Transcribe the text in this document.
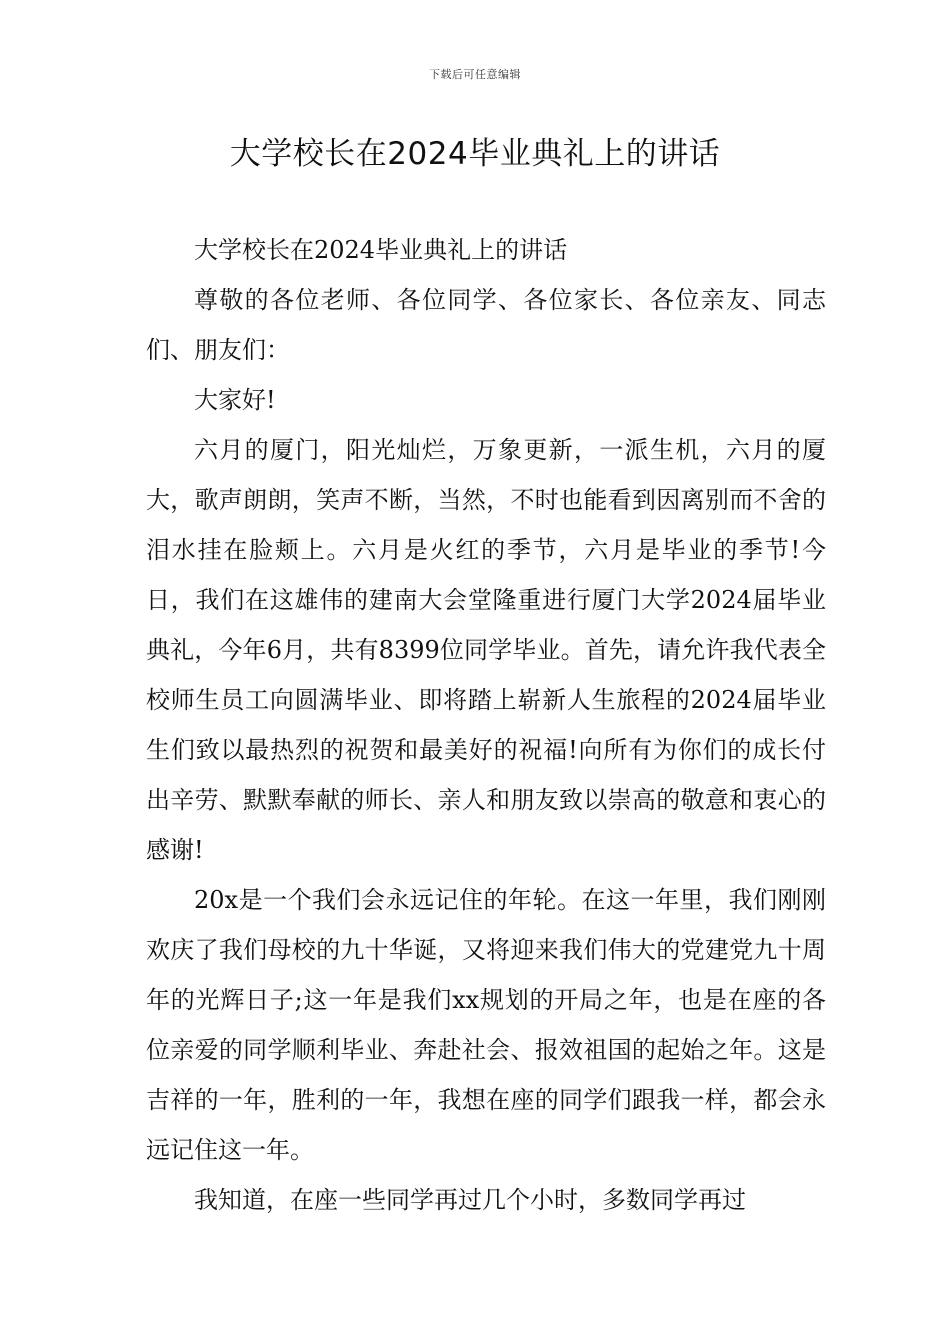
下载后可任意编辑
大学校长在2024毕业典礼上的讲话

大学校长在2024毕业典礼上的讲话

尊敬的各位老师、各位同学、各位家长、各位亲友、同志们、朋友们：

大家好!

六月的厦门，阳光灿烂，万象更新，一派生机，六月的厦大，歌声朗朗，笑声不断，当然，不时也能看到因离别而不舍的泪水挂在脸颊上。六月是火红的季节，六月是毕业的季节!今日，我们在这雄伟的建南大会堂隆重进行厦门大学2024届毕业典礼，今年6月，共有8399位同学毕业。首先，请允许我代表全校师生员工向圆满毕业、即将踏上崭新人生旅程的2024届毕业生们致以最热烈的祝贺和最美好的祝福!向所有为你们的成长付出辛劳、默默奉献的师长、亲人和朋友致以崇高的敬意和衷心的感谢!

20x是一个我们会永远记住的年轮。在这一年里，我们刚刚欢庆了我们母校的九十华诞，又将迎来我们伟大的党建党九十周年的光辉日子;这一年是我们xx规划的开局之年，也是在座的各位亲爱的同学顺利毕业、奔赴社会、报效祖国的起始之年。这是吉祥的一年，胜利的一年，我想在座的同学们跟我一样，都会永远记住这一年。

我知道，在座一些同学再过几个小时，多数同学再过
